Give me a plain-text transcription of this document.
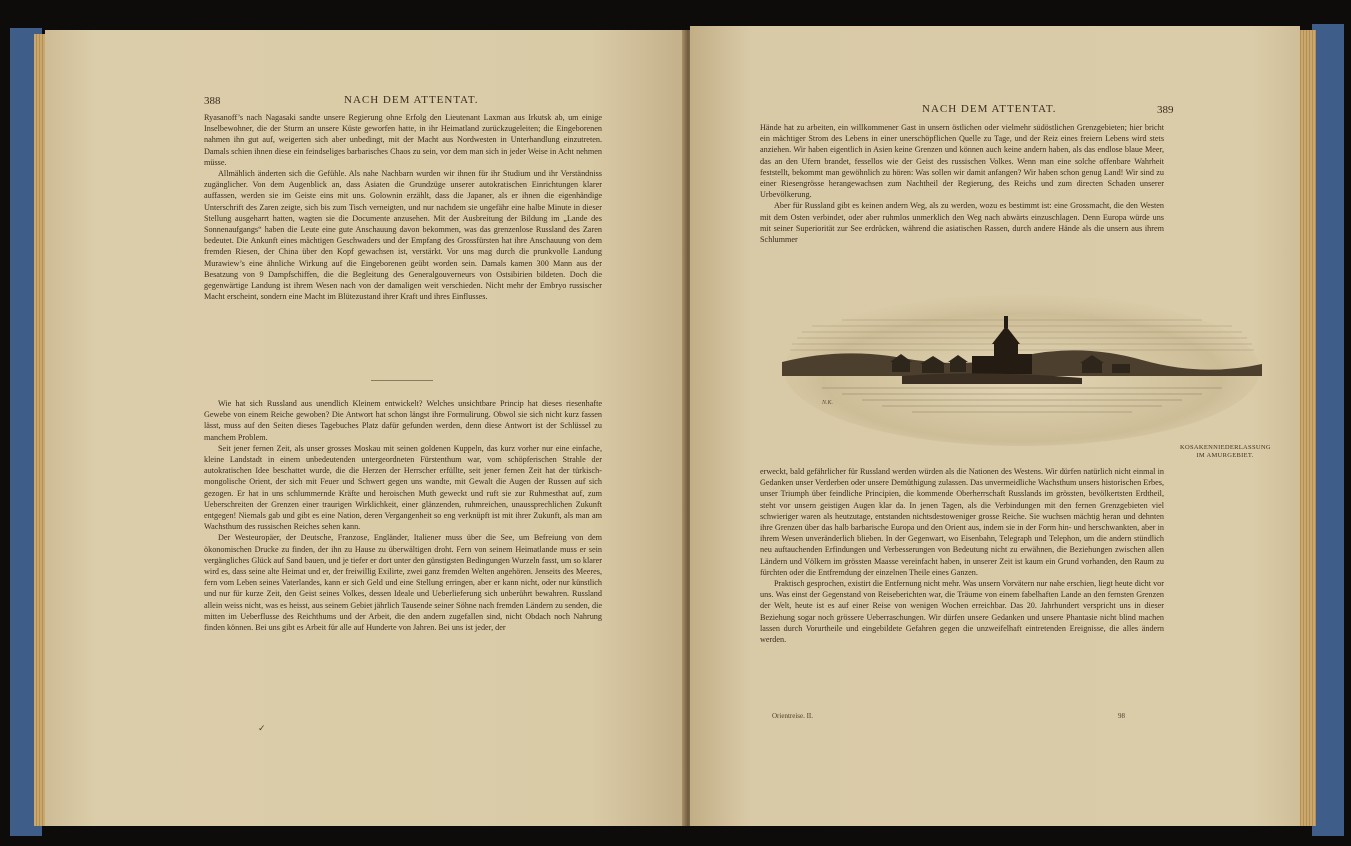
388	NACH DEM ATTENTAT.

Ryasanoff’s nach Nagasaki sandte unsere Regierung ohne Erfolg den Lieutenant Laxman aus Irkutsk ab, um einige Inselbewohner, die der Sturm an unsere Küste geworfen hatte, in ihr Heimatland zurückzugeleiten; die Eingeborenen nahmen ihn gut auf, weigerten sich aber unbedingt, mit der Macht aus Nordwesten in Unterhandlung einzutreten. Damals schien ihnen diese ein feindseliges barbarisches Chaos zu sein, vor dem man sich in jeder Weise in Acht nehmen müsse.

Allmählich änderten sich die Gefühle. Als nahe Nachbarn wurden wir ihnen für ihr Studium und ihr Verständniss zugänglicher. Von dem Augenblick an, dass Asiaten die Grundzüge unserer autokratischen Einrichtungen klarer auffassen, werden sie im Geiste eins mit uns. Golownin erzählt, dass die Japaner, als er ihnen die eigenhändige Unterschrift des Zaren zeigte, sich bis zum Tisch verneigten, und nur nachdem sie ungefähr eine halbe Minute in dieser Stellung ausgeharrt hatten, wagten sie die Documente anzusehen. Mit der Ausbreitung der Bildung im „Lande des Sonnenaufgangs“ haben die Leute eine gute Anschauung davon bekommen, was das grenzenlose Russland des Zaren bedeutet. Die Ankunft eines mächtigen Geschwaders und der Empfang des Grossfürsten hat ihre Anschauung von dem fremden Riesen, der China über den Kopf gewachsen ist, verstärkt. Vor uns mag durch die prunkvolle Landung Murawiew’s eine ähnliche Wirkung auf die Eingeborenen geübt worden sein. Damals kamen 300 Mann aus der Besatzung von 9 Dampfschiffen, die die Begleitung des Generalgouverneurs von Ostsibirien bildeten. Doch die gegenwärtige Landung ist ihrem Wesen nach von der damaligen weit verschieden. Nicht mehr der Embryo russischer Macht erscheint, sondern eine Macht im Blütezustand ihrer Kraft und ihres Einflusses.

Wie hat sich Russland aus unendlich Kleinem entwickelt? Welches unsichtbare Princip hat dieses riesenhafte Gewebe von einem Reiche gewoben? Die Antwort hat schon längst ihre Formulirung. Obwol sie sich nicht kurz fassen lässt, muss auf den Seiten dieses Tagebuches Platz dafür gefunden werden, denn diese Antwort ist der Schlüssel zu manchem Problem.

Seit jener fernen Zeit, als unser grosses Moskau mit seinen goldenen Kuppeln, das kurz vorher nur eine einfache, kleine Landstadt in einem unbedeutenden untergeordneten Fürstenthum war, vom schöpferischen Strahle der autokratischen Idee beschattet wurde, die die Herzen der Herrscher erfüllte, seit jener fernen Zeit hat der türkisch-mongolische Orient, der sich mit Feuer und Schwert gegen uns wandte, mit Gewalt die Augen der Russen auf sich gezogen. Er hat in uns schlummernde Kräfte und heroischen Muth geweckt und ruft sie zur Ruhmesthat auf, zum Ueberschreiten der Grenzen einer traurigen Wirklichkeit, einer glänzenden, ruhmreichen, unaussprechlichen Zukunft entgegen! Niemals gab und gibt es eine Nation, deren Vergangenheit so eng verknüpft ist mit ihrer Zukunft, als man am Wachsthum des russischen Reiches sehen kann.

Der Westeuropäer, der Deutsche, Franzose, Engländer, Italiener muss über die See, um Befreiung von dem ökonomischen Drucke zu finden, der ihn zu Hause zu überwältigen droht. Fern von seinem Heimatlande muss er sein vergängliches Glück auf Sand bauen, und je tiefer er dort unter den günstigsten Bedingungen Wurzeln fasst, um so klarer wird es, dass seine alte Heimat und er, der freiwillig Exilirte, zwei ganz fremden Welten angehören. Jenseits des Meeres, fern vom Leben seines Vaterlandes, kann er sich Geld und eine Stellung erringen, aber er kann nicht, oder nur künstlich und nur für kurze Zeit, den Geist seines Volkes, dessen Ideale und Ueberlieferung sich unberührt bewahren. Russland allein weiss nicht, was es heisst, aus seinem Gebiet jährlich Tausende seiner Söhne nach fremden Ländern zu senden, die mitten im Ueberflusse des Reichthums und der Arbeit, die den andern zugefallen sind, nicht Obdach noch Nahrung finden können. Bei uns gibt es Arbeit für alle auf Hunderte von Jahren. Bei uns ist jeder, der

✓
NACH DEM ATTENTAT.	389

Hände hat zu arbeiten, ein willkommener Gast in unsern östlichen oder vielmehr südöstlichen Grenzgebieten; hier bricht ein mächtiger Strom des Lebens in einer unerschöpflichen Quelle zu Tage, und der Reiz eines freiern Lebens wird stets anziehen. Wir haben eigentlich in Asien keine Grenzen und können auch keine andern haben, als das endlose blaue Meer, das an den Ufern brandet, fessellos wie der Geist des russischen Volkes. Wenn man eine solche offenbare Wahrheit feststellt, bekommt man gewöhnlich zu hören: Was sollen wir damit anfangen? Wir haben schon genug Land! Wir sind zu einer Riesengrösse herangewachsen zum Nachtheil der Regierung, des Reichs und zum directen Schaden unserer Urbevölkerung.

Aber für Russland gibt es keinen andern Weg, als zu werden, wozu es bestimmt ist: eine Grossmacht, die den Westen mit dem Osten verbindet, oder aber ruhmlos unmerklich den Weg nach abwärts einzuschlagen. Denn Europa würde uns mit seiner Superiorität zur See erdrücken, während die asiatischen Rassen, durch andere Hände als die unsern aus ihrem Schlummer

N.K.
KOSAKENNIEDERLASSUNG IM AMURGEBIET.

erweckt, bald gefährlicher für Russland werden würden als die Nationen des Westens. Wir dürfen natürlich nicht einmal in Gedanken unser Verderben oder unsere Demüthigung zulassen. Das unvermeidliche Wachsthum unsers historischen Erbes, unser Triumph über feindliche Principien, die kommende Oberherrschaft Russlands im grössten, bevölkertsten Erdtheil, steht vor unsern geistigen Augen klar da. In jenen Tagen, als die Verbindungen mit den fernen Grenzgebieten viel schwieriger waren als heutzutage, entstanden nichtsdestoweniger grosse Reiche. Sie wuchsen mächtig heran und dehnten ihre Grenzen über das halb barbarische Europa und den Orient aus, indem sie in der Form hin- und herschwankten, aber in ihrem Wesen unveränderlich blieben. In der Gegenwart, wo Eisenbahn, Telegraph und Telephon, um die andern stündlich neu auftauchenden Erfindungen und Verbesserungen von Bedeutung nicht zu erwähnen, die Beziehungen zwischen allen Ländern und Völkern im grössten Maasse vereinfacht haben, in unserer Zeit ist kaum ein Grund vorhanden, den Raum zu fürchten oder die Entfremdung der einzelnen Theile eines Ganzen.

Praktisch gesprochen, existirt die Entfernung nicht mehr. Was unsern Vorvätern nur nahe erschien, liegt heute dicht vor uns. Was einst der Gegenstand von Reiseberichten war, die Träume von einem fabelhaften Lande an den fernsten Grenzen der Welt, heute ist es auf einer Reise von wenigen Wochen erreichbar. Das 20. Jahrhundert verspricht uns in dieser Beziehung sogar noch grössere Ueberraschungen. Wir dürfen unsere Gedanken und unsere Phantasie nicht blind machen lassen durch Vorurtheile und eingebildete Gefahren gegen die unzweifelhaft eintretenden Ereignisse, die alles ändern werden.

Orientreise. II.	98
